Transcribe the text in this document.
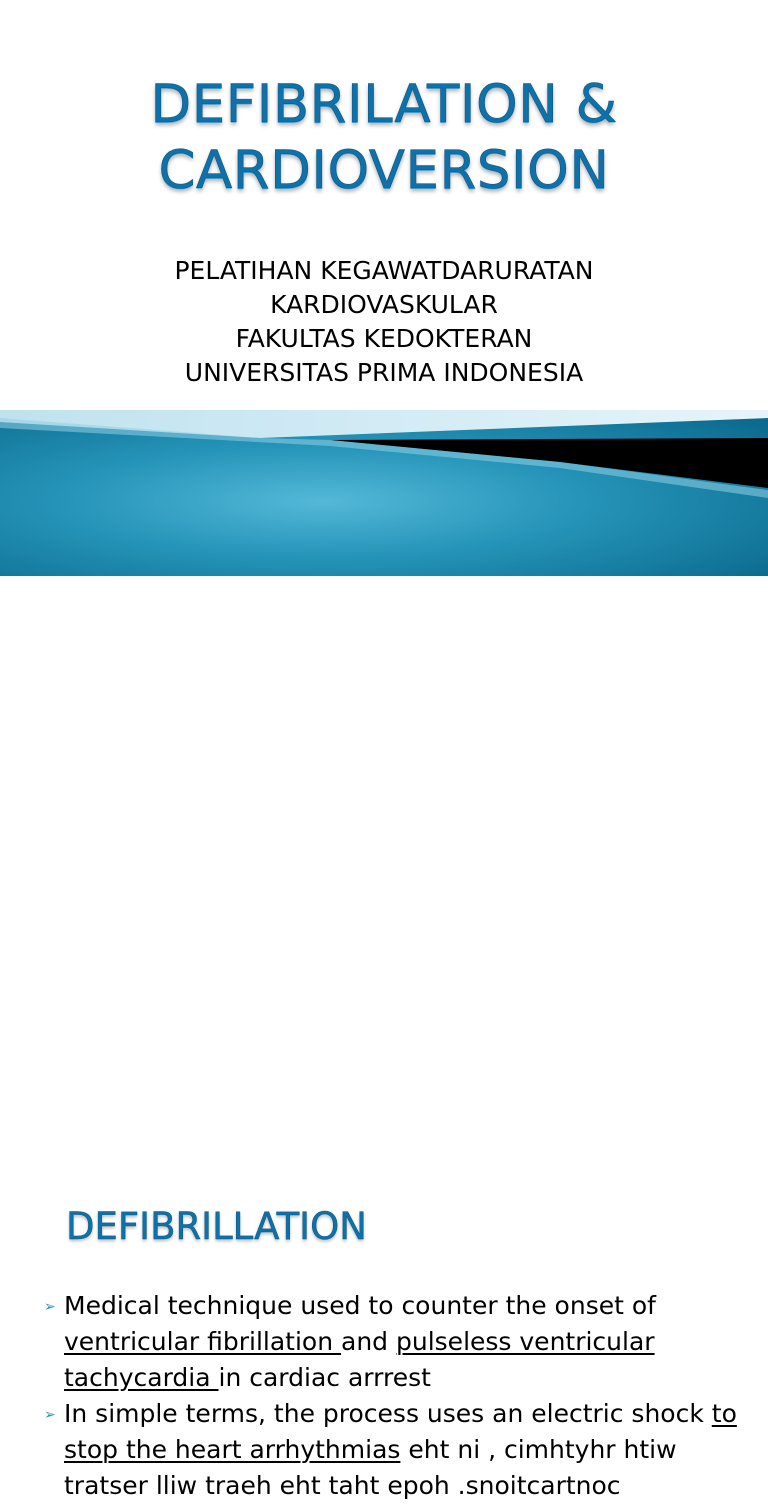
DEFIBRILATION &
CARDIOVERSION
PELATIHAN KEGAWATDARURATAN
KARDIOVASKULAR
FAKULTAS KEDOKTERAN
UNIVERSITAS PRIMA INDONESIA
DEFIBRILLATION
➢ Medical technique used to counter the onset of ventricular fibrillation and pulseless ventricular tachycardia in cardiac arrrest
➢ In simple terms, the process uses an electric shock to stop the heart arrhythmias eht ni , cimhtyhr htiw tratser lliw traeh eht taht epoh .snoitcartnoc
